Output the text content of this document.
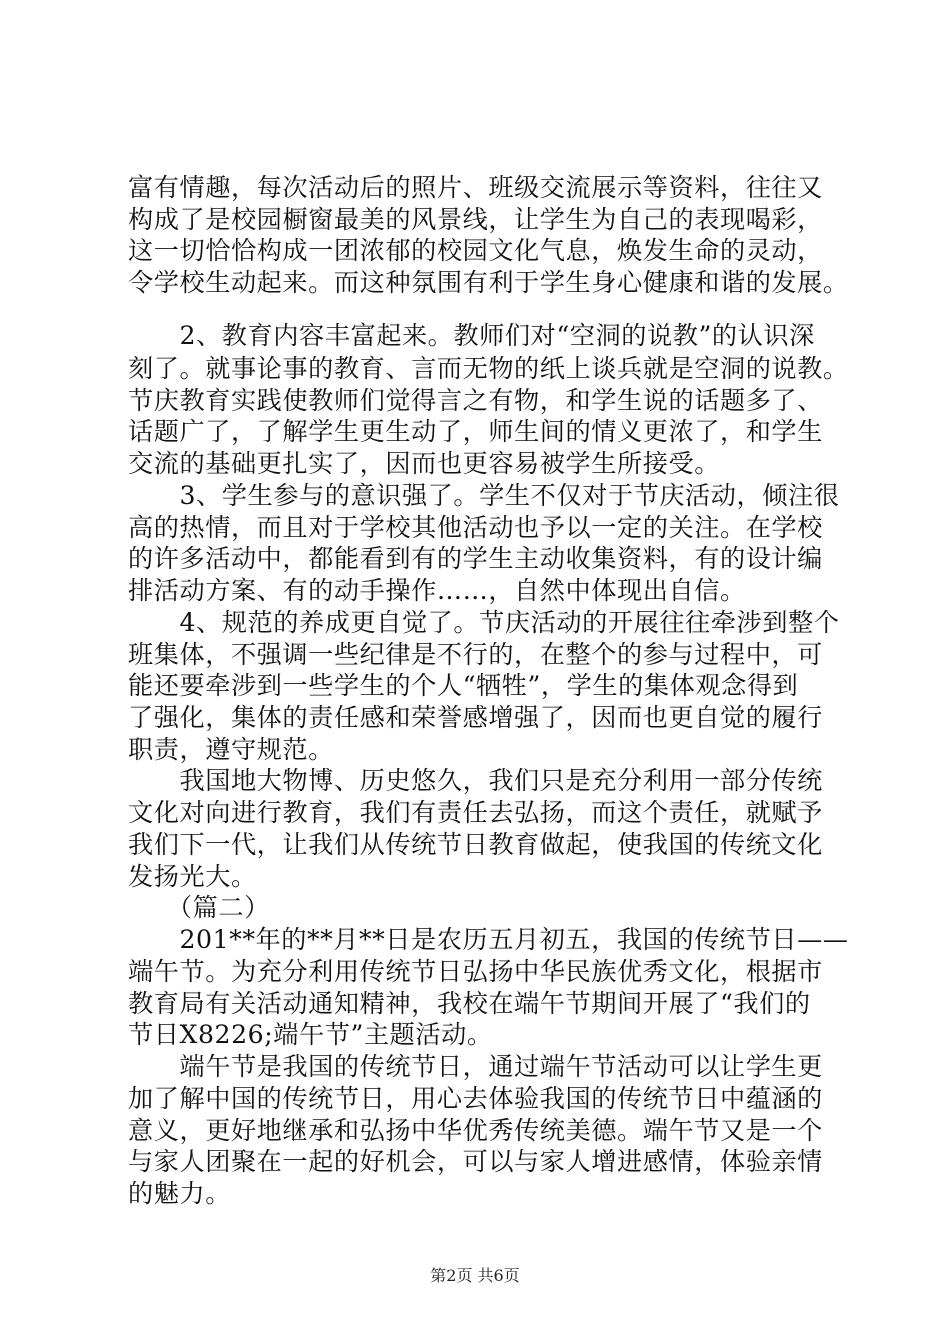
富有情趣，每次活动后的照片、班级交流展示等资料，往往又
构成了是校园橱窗最美的风景线，让学生为自己的表现喝彩，
这一切恰恰构成一团浓郁的校园文化气息，焕发生命的灵动，
令学校生动起来。而这种氛围有利于学生身心健康和谐的发展。
　　2、教育内容丰富起来。教师们对“空洞的说教”的认识深
刻了。就事论事的教育、言而无物的纸上谈兵就是空洞的说教。
节庆教育实践使教师们觉得言之有物，和学生说的话题多了、
话题广了，了解学生更生动了，师生间的情义更浓了，和学生
交流的基础更扎实了，因而也更容易被学生所接受。
　　3、学生参与的意识强了。学生不仅对于节庆活动，倾注很
高的热情，而且对于学校其他活动也予以一定的关注。在学校
的许多活动中，都能看到有的学生主动收集资料，有的设计编
排活动方案、有的动手操作……，自然中体现出自信。
　　4、规范的养成更自觉了。节庆活动的开展往往牵涉到整个
班集体，不强调一些纪律是不行的，在整个的参与过程中，可
能还要牵涉到一些学生的个人“牺牲”，学生的集体观念得到
了强化，集体的责任感和荣誉感增强了，因而也更自觉的履行
职责，遵守规范。
　　我国地大物博、历史悠久，我们只是充分利用一部分传统
文化对向进行教育，我们有责任去弘扬，而这个责任，就赋予
我们下一代，让我们从传统节日教育做起，使我国的传统文化
发扬光大。
　　（篇二）
　　201**年的**月**日是农历五月初五，我国的传统节日——
端午节。为充分利用传统节日弘扬中华民族优秀文化，根据市
教育局有关活动通知精神，我校在端午节期间开展了“我们的
节日X8226;端午节”主题活动。
　　端午节是我国的传统节日，通过端午节活动可以让学生更
加了解中国的传统节日，用心去体验我国的传统节日中蕴涵的
意义，更好地继承和弘扬中华优秀传统美德。端午节又是一个
与家人团聚在一起的好机会，可以与家人增进感情，体验亲情
的魅力。
第2页 共6页
